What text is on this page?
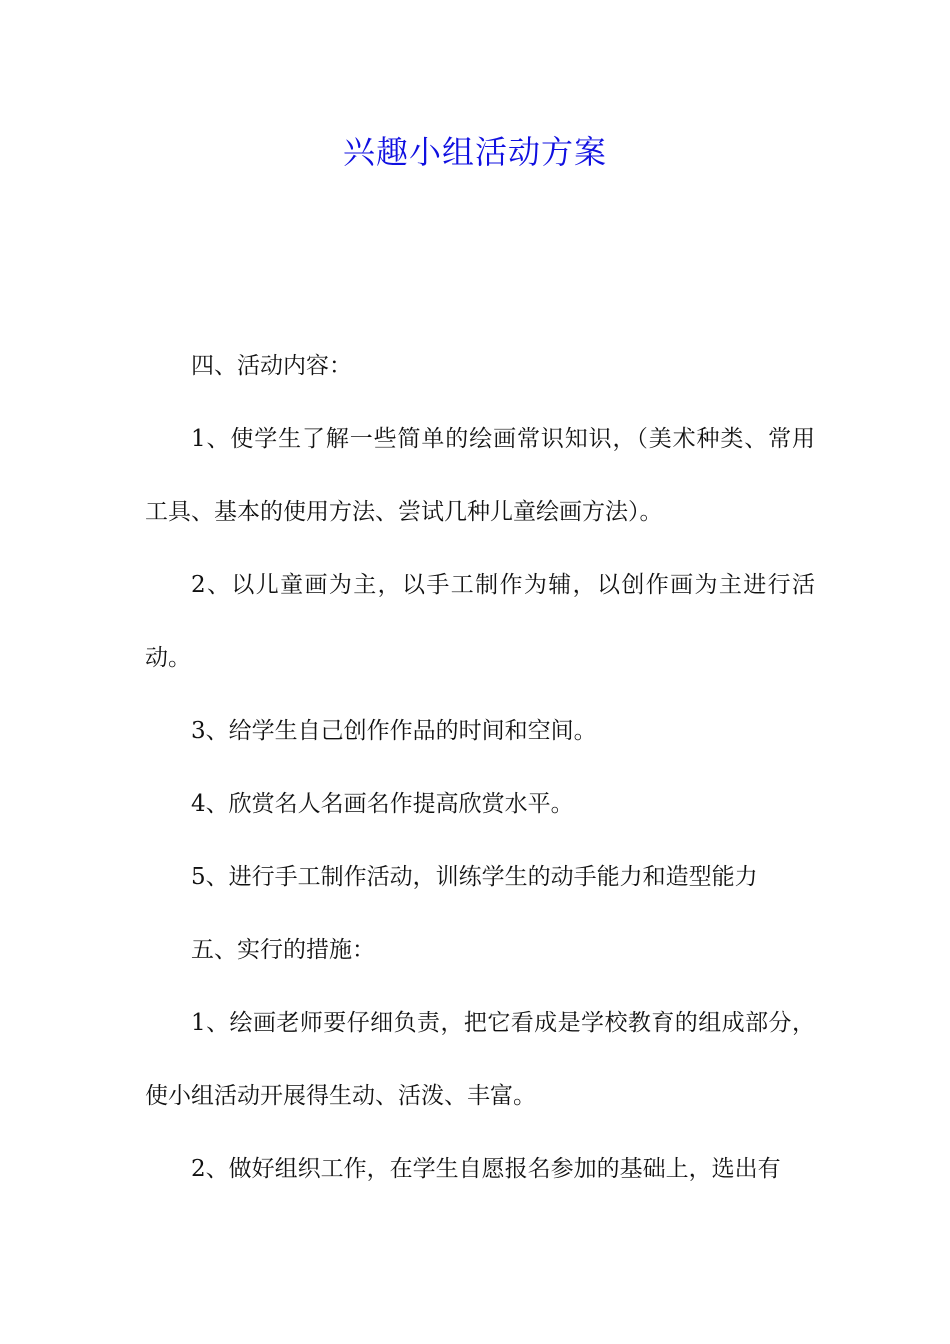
兴趣小组活动方案

四、活动内容：

1、使学生了解一些简单的绘画常识知识，（美术种类、常用工具、基本的使用方法、尝试几种儿童绘画方法）。

2、以儿童画为主，以手工制作为辅，以创作画为主进行活动。

3、给学生自己创作作品的时间和空间。

4、欣赏名人名画名作提高欣赏水平。

5、进行手工制作活动，训练学生的动手能力和造型能力

五、实行的措施：

1、绘画老师要仔细负责，把它看成是学校教育的组成部分，使小组活动开展得生动、活泼、丰富。

2、做好组织工作，在学生自愿报名参加的基础上，选出有
